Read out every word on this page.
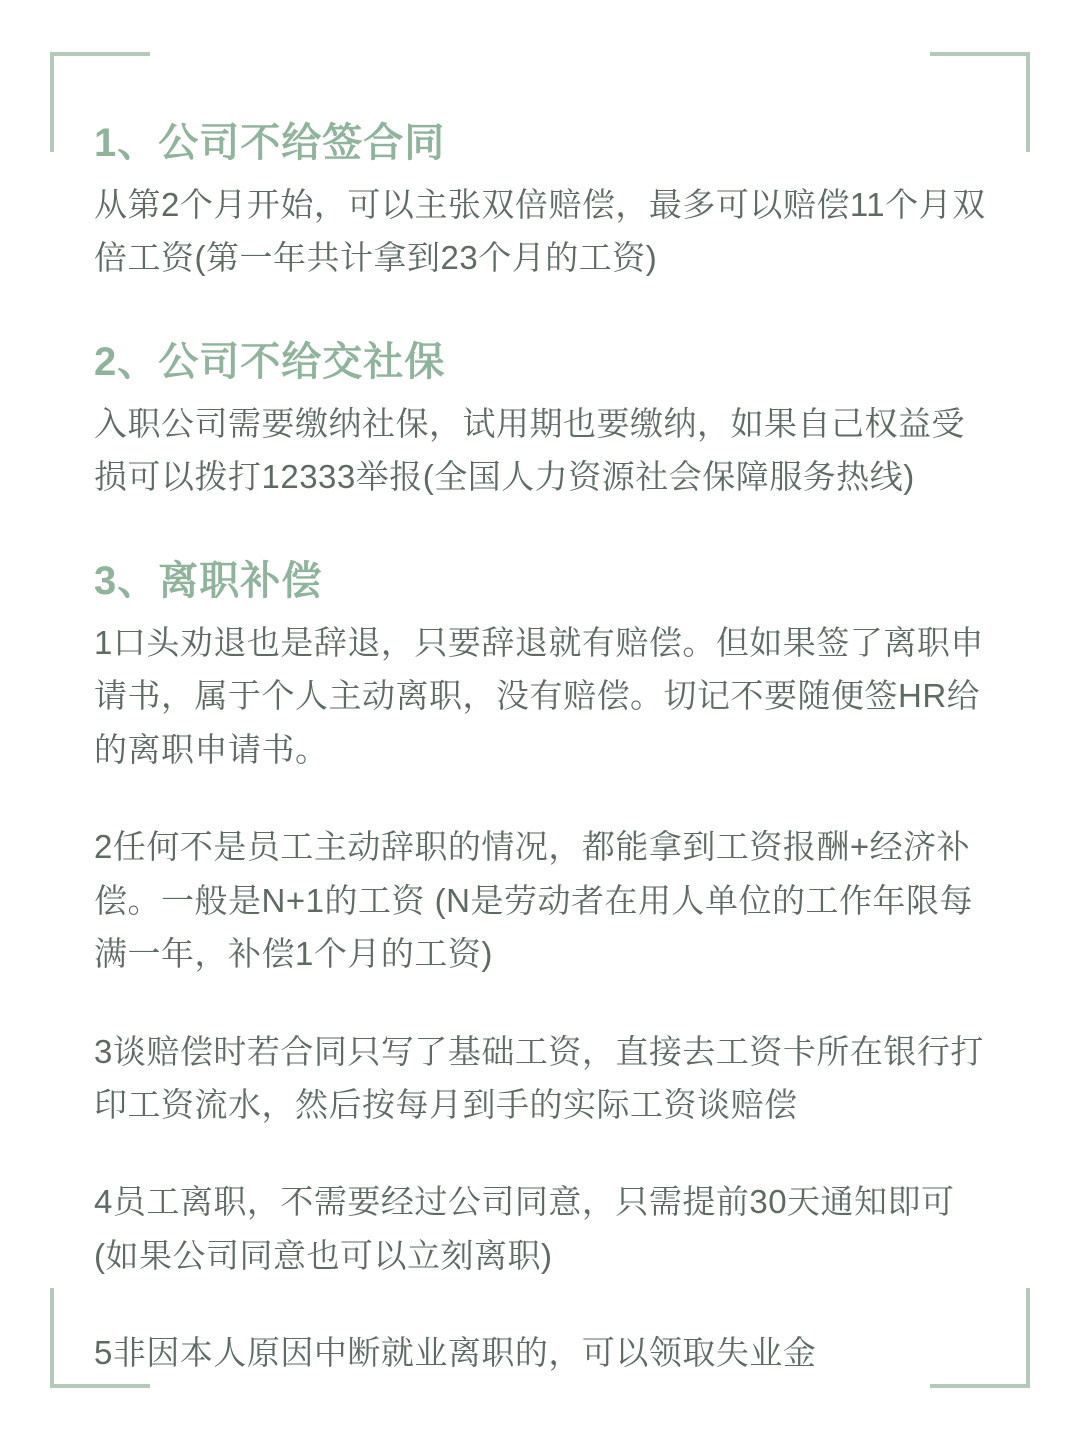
1、公司不给签合同

从第2个月开始，可以主张双倍赔偿，最多可以赔偿11个月双倍工资(第一年共计拿到23个月的工资)

2、公司不给交社保

入职公司需要缴纳社保，试用期也要缴纳，如果自己权益受损可以拨打12333举报(全国人力资源社会保障服务热线)

3、离职补偿

1口头劝退也是辞退，只要辞退就有赔偿。但如果签了离职申请书，属于个人主动离职，没有赔偿。切记不要随便签HR给的离职申请书。

2任何不是员工主动辞职的情况，都能拿到工资报酬+经济补偿。一般是N+1的工资 (N是劳动者在用人单位的工作年限每满一年，补偿1个月的工资)

3谈赔偿时若合同只写了基础工资，直接去工资卡所在银行打印工资流水，然后按每月到手的实际工资谈赔偿

4员工离职，不需要经过公司同意，只需提前30天通知即可(如果公司同意也可以立刻离职)

5非因本人原因中断就业离职的，可以领取失业金
